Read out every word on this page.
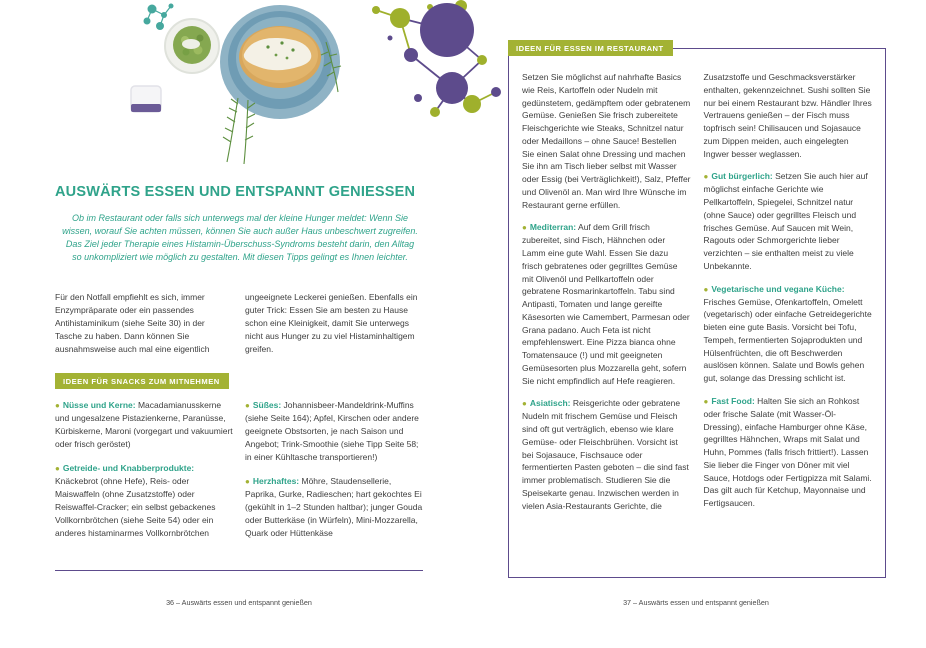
AUSWÄRTS ESSEN UND ENTSPANNT GENIESSEN

Ob im Restaurant oder falls sich unterwegs mal der kleine Hunger meldet: Wenn Sie wissen, worauf Sie achten müssen, können Sie auch außer Haus unbeschwert zugreifen. Das Ziel jeder Therapie eines Histamin-Überschuss-Syndroms besteht darin, den Alltag so unkompliziert wie möglich zu gestalten. Mit diesen Tipps gelingt es Ihnen leichter.

Für den Notfall empfiehlt es sich, immer Enzympräparate oder ein passendes Antihistaminikum (siehe Seite 30) in der Tasche zu haben. Dann können Sie ausnahmsweise auch mal eine eigentlich ungeeignete Leckerei genießen. Ebenfalls ein guter Trick: Essen Sie am besten zu Hause schon eine Kleinigkeit, damit Sie unterwegs nicht aus Hunger zu zu viel Histaminhaltigem greifen.
IDEEN FÜR SNACKS ZUM MITNEHMEN

● Nüsse und Kerne: Macadamianusskerne und ungesalzene Pistazienkerne, Paranüsse, Kürbiskerne, Maroni (vorgegart und vakuumiert oder frisch geröstet)

● Getreide- und Knabberprodukte: Knäckebrot (ohne Hefe), Reis- oder Maiswaffeln (ohne Zusatzstoffe) oder Reiswaffel-Cracker; ein selbst gebackenes Vollkornbrötchen (siehe Seite 54) oder ein anderes histaminarmes Vollkornbrötchen

● Süßes: Johannisbeer-Mandeldrink-Muffins (siehe Seite 164); Apfel, Kirschen oder andere geeignete Obstsorten, je nach Saison und Angebot; Trink-Smoothie (siehe Tipp Seite 58; in einer Kühltasche transportieren!)

● Herzhaftes: Möhre, Staudensellerie, Paprika, Gurke, Radieschen; hart gekochtes Ei (gekühlt in 1–2 Stunden haltbar); junger Gouda oder Butterkäse (in Würfeln), Mini-Mozzarella, Quark oder Hüttenkäse

36 – Auswärts essen und entspannt genießen

Setzen Sie möglichst auf nahrhafte Basics wie Reis, Kartoffeln oder Nudeln mit gedünstetem, gedämpftem oder gebratenem Gemüse. Genießen Sie frisch zubereitete Fleischgerichte wie Steaks, Schnitzel natur oder Medaillons – ohne Sauce! Bestellen Sie einen Salat ohne Dressing und machen Sie ihn am Tisch lieber selbst mit Wasser oder Essig (bei Verträglichkeit!), Salz, Pfeffer und Olivenöl an. Man wird Ihre Wünsche im Restaurant gerne erfüllen.

● Mediterran: Auf dem Grill frisch zubereitet, sind Fisch, Hähnchen oder Lamm eine gute Wahl. Essen Sie dazu frisch gebratenes oder gegrilltes Gemüse mit Olivenöl und Pellkartoffeln oder gebratene Rosmarinkartoffeln. Tabu sind Antipasti, Tomaten und lange gereifte Käsesorten wie Camembert, Parmesan oder Grana padano. Auch Feta ist nicht empfehlenswert. Eine Pizza bianca ohne Tomatensauce (!) und mit geeigneten Gemüsesorten plus Mozzarella geht, sofern Sie nicht empfindlich auf Hefe reagieren.

● Asiatisch: Reisgerichte oder gebratene Nudeln mit frischem Gemüse und Fleisch sind oft gut verträglich, ebenso wie klare Gemüse- oder Fleischbrühen. Vorsicht ist bei Sojasauce, Fischsauce oder fermentierten Pasten geboten – die sind fast immer problematisch. Studieren Sie die Speisekarte genau. Inzwischen werden in vielen Asia-Restaurants Gerichte, die Zusatzstoffe und Geschmacksverstärker enthalten, gekennzeichnet. Sushi sollten Sie nur bei einem Restaurant bzw. Händler Ihres Vertrauens genießen – der Fisch muss topfrisch sein! Chilisaucen und Sojasauce zum Dippen meiden, auch eingelegten Ingwer besser weglassen.

● Gut bürgerlich: Setzen Sie auch hier auf möglichst einfache Gerichte wie Pellkartoffeln, Spiegelei, Schnitzel natur (ohne Sauce) oder gegrilltes Fleisch und frisches Gemüse. Auf Saucen mit Wein, Ragouts oder Schmorgerichte lieber verzichten – sie enthalten meist zu viele Unbekannte.

● Vegetarische und vegane Küche: Frisches Gemüse, Ofenkartoffeln, Omelett (vegetarisch) oder einfache Getreidegerichte bieten eine gute Basis. Vorsicht bei Tofu, Tempeh, fermentierten Sojaprodukten und Hülsenfrüchten, die oft Beschwerden auslösen können. Salate und Bowls gehen gut, solange das Dressing schlicht ist.

● Fast Food: Halten Sie sich an Rohkost oder frische Salate (mit Wasser-Öl-Dressing), einfache Hamburger ohne Käse, gegrilltes Hähnchen, Wraps mit Salat und Huhn, Pommes (falls frisch frittiert!). Lassen Sie lieber die Finger von Döner mit viel Sauce, Hotdogs oder Fertigpizza mit Salami. Das gilt auch für Ketchup, Mayonnaise und Fertigsaucen.

IDEEN FÜR ESSEN IM RESTAURANT
37 – Auswärts essen und entspannt genießen
